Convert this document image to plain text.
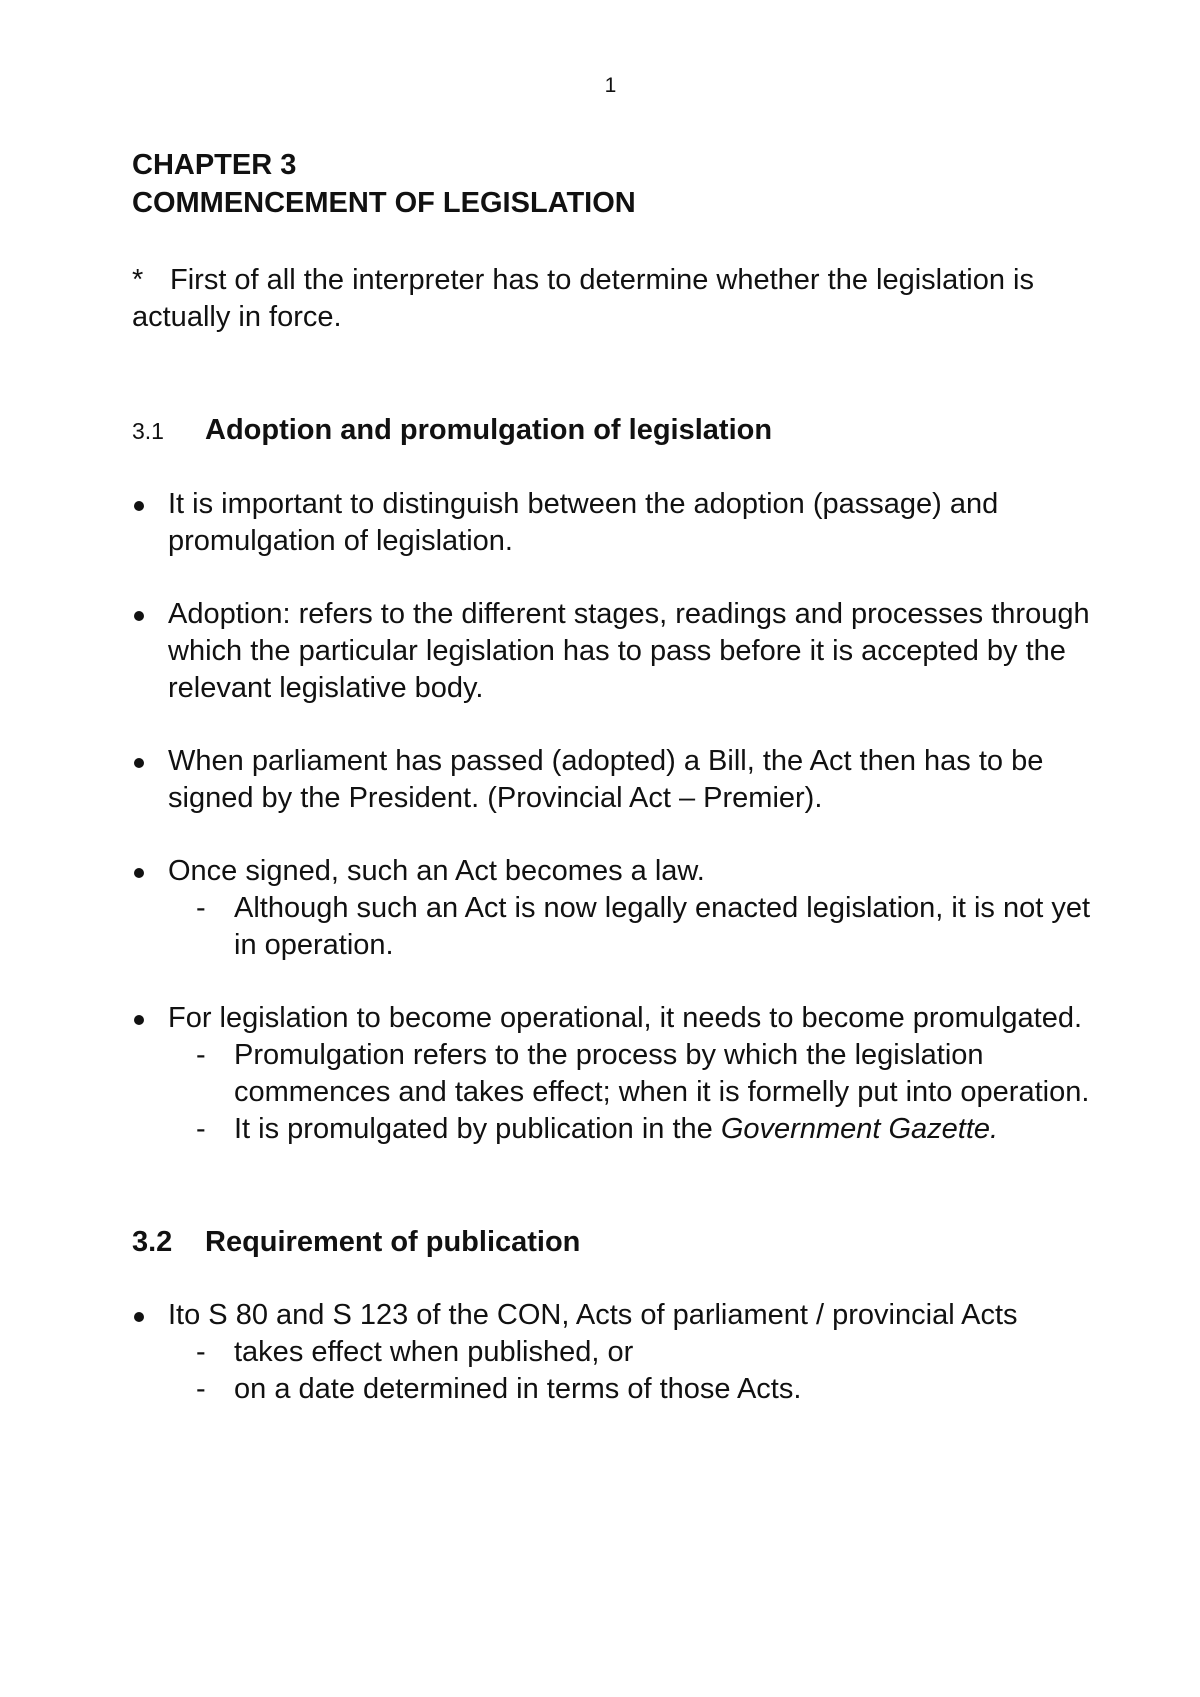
1

CHAPTER 3

COMMENCEMENT OF LEGISLATION

* First of all the interpreter has to determine whether the legislation is actually in force.
3.1	Adoption and promulgation of legislation
It is important to distinguish between the adoption (passage) and promulgation of legislation.
Adoption: refers to the different stages, readings and processes through which the particular legislation has to pass before it is accepted by the relevant legislative body.
When parliament has passed (adopted) a Bill, the Act then has to be signed by the President. (Provincial Act – Premier).
Once signed, such an Act becomes a law.
- Although such an Act is now legally enacted legislation, it is not yet in operation.
For legislation to become operational, it needs to become promulgated.
- Promulgation refers to the process by which the legislation commences and takes effect; when it is formelly put into operation.
- It is promulgated by publication in the Government Gazette.
3.2	Requirement of publication
Ito S 80 and S 123 of the CON, Acts of parliament / provincial Acts
- takes effect when published, or
- on a date determined in terms of those Acts.
